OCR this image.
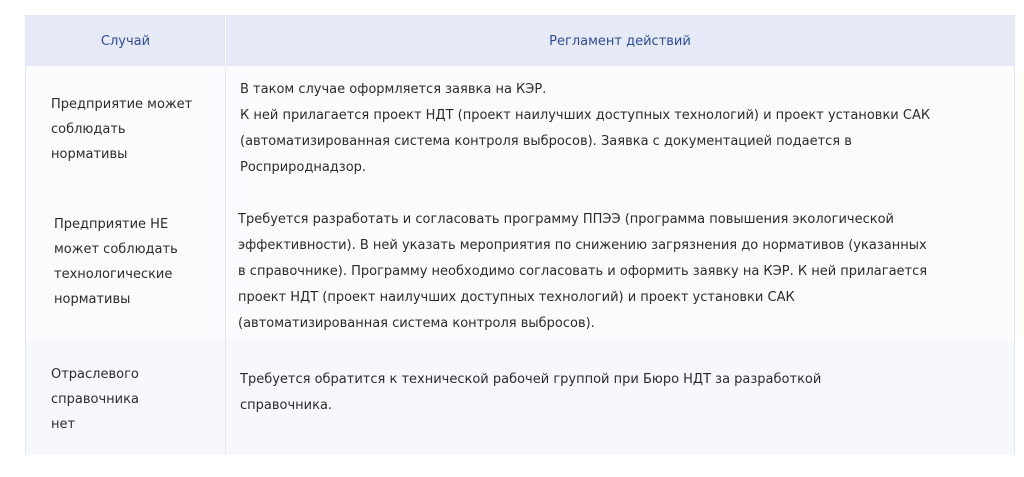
Случай	Регламент действий
Предприятие может
соблюдать
нормативы
В таком случае оформляется заявка на КЭР.
К ней прилагается проект НДТ (проект наилучших доступных технологий) и проект установки САК
(автоматизированная система контроля выбросов). Заявка с документацией подается в
Росприроднадзор.
Предприятие НЕ
может соблюдать
технологические
нормативы
Требуется разработать и согласовать программу ППЭЭ (программа повышения экологической
эффективности). В ней указать мероприятия по снижению загрязнения до нормативов (указанных
в справочнике). Программу необходимо согласовать и оформить заявку на КЭР. К ней прилагается
проект НДТ (проект наилучших доступных технологий) и проект установки САК
(автоматизированная система контроля выбросов).
Отраслевого
справочника
нет
Требуется обратится к технической рабочей группой при Бюро НДТ за разработкой
справочника.
